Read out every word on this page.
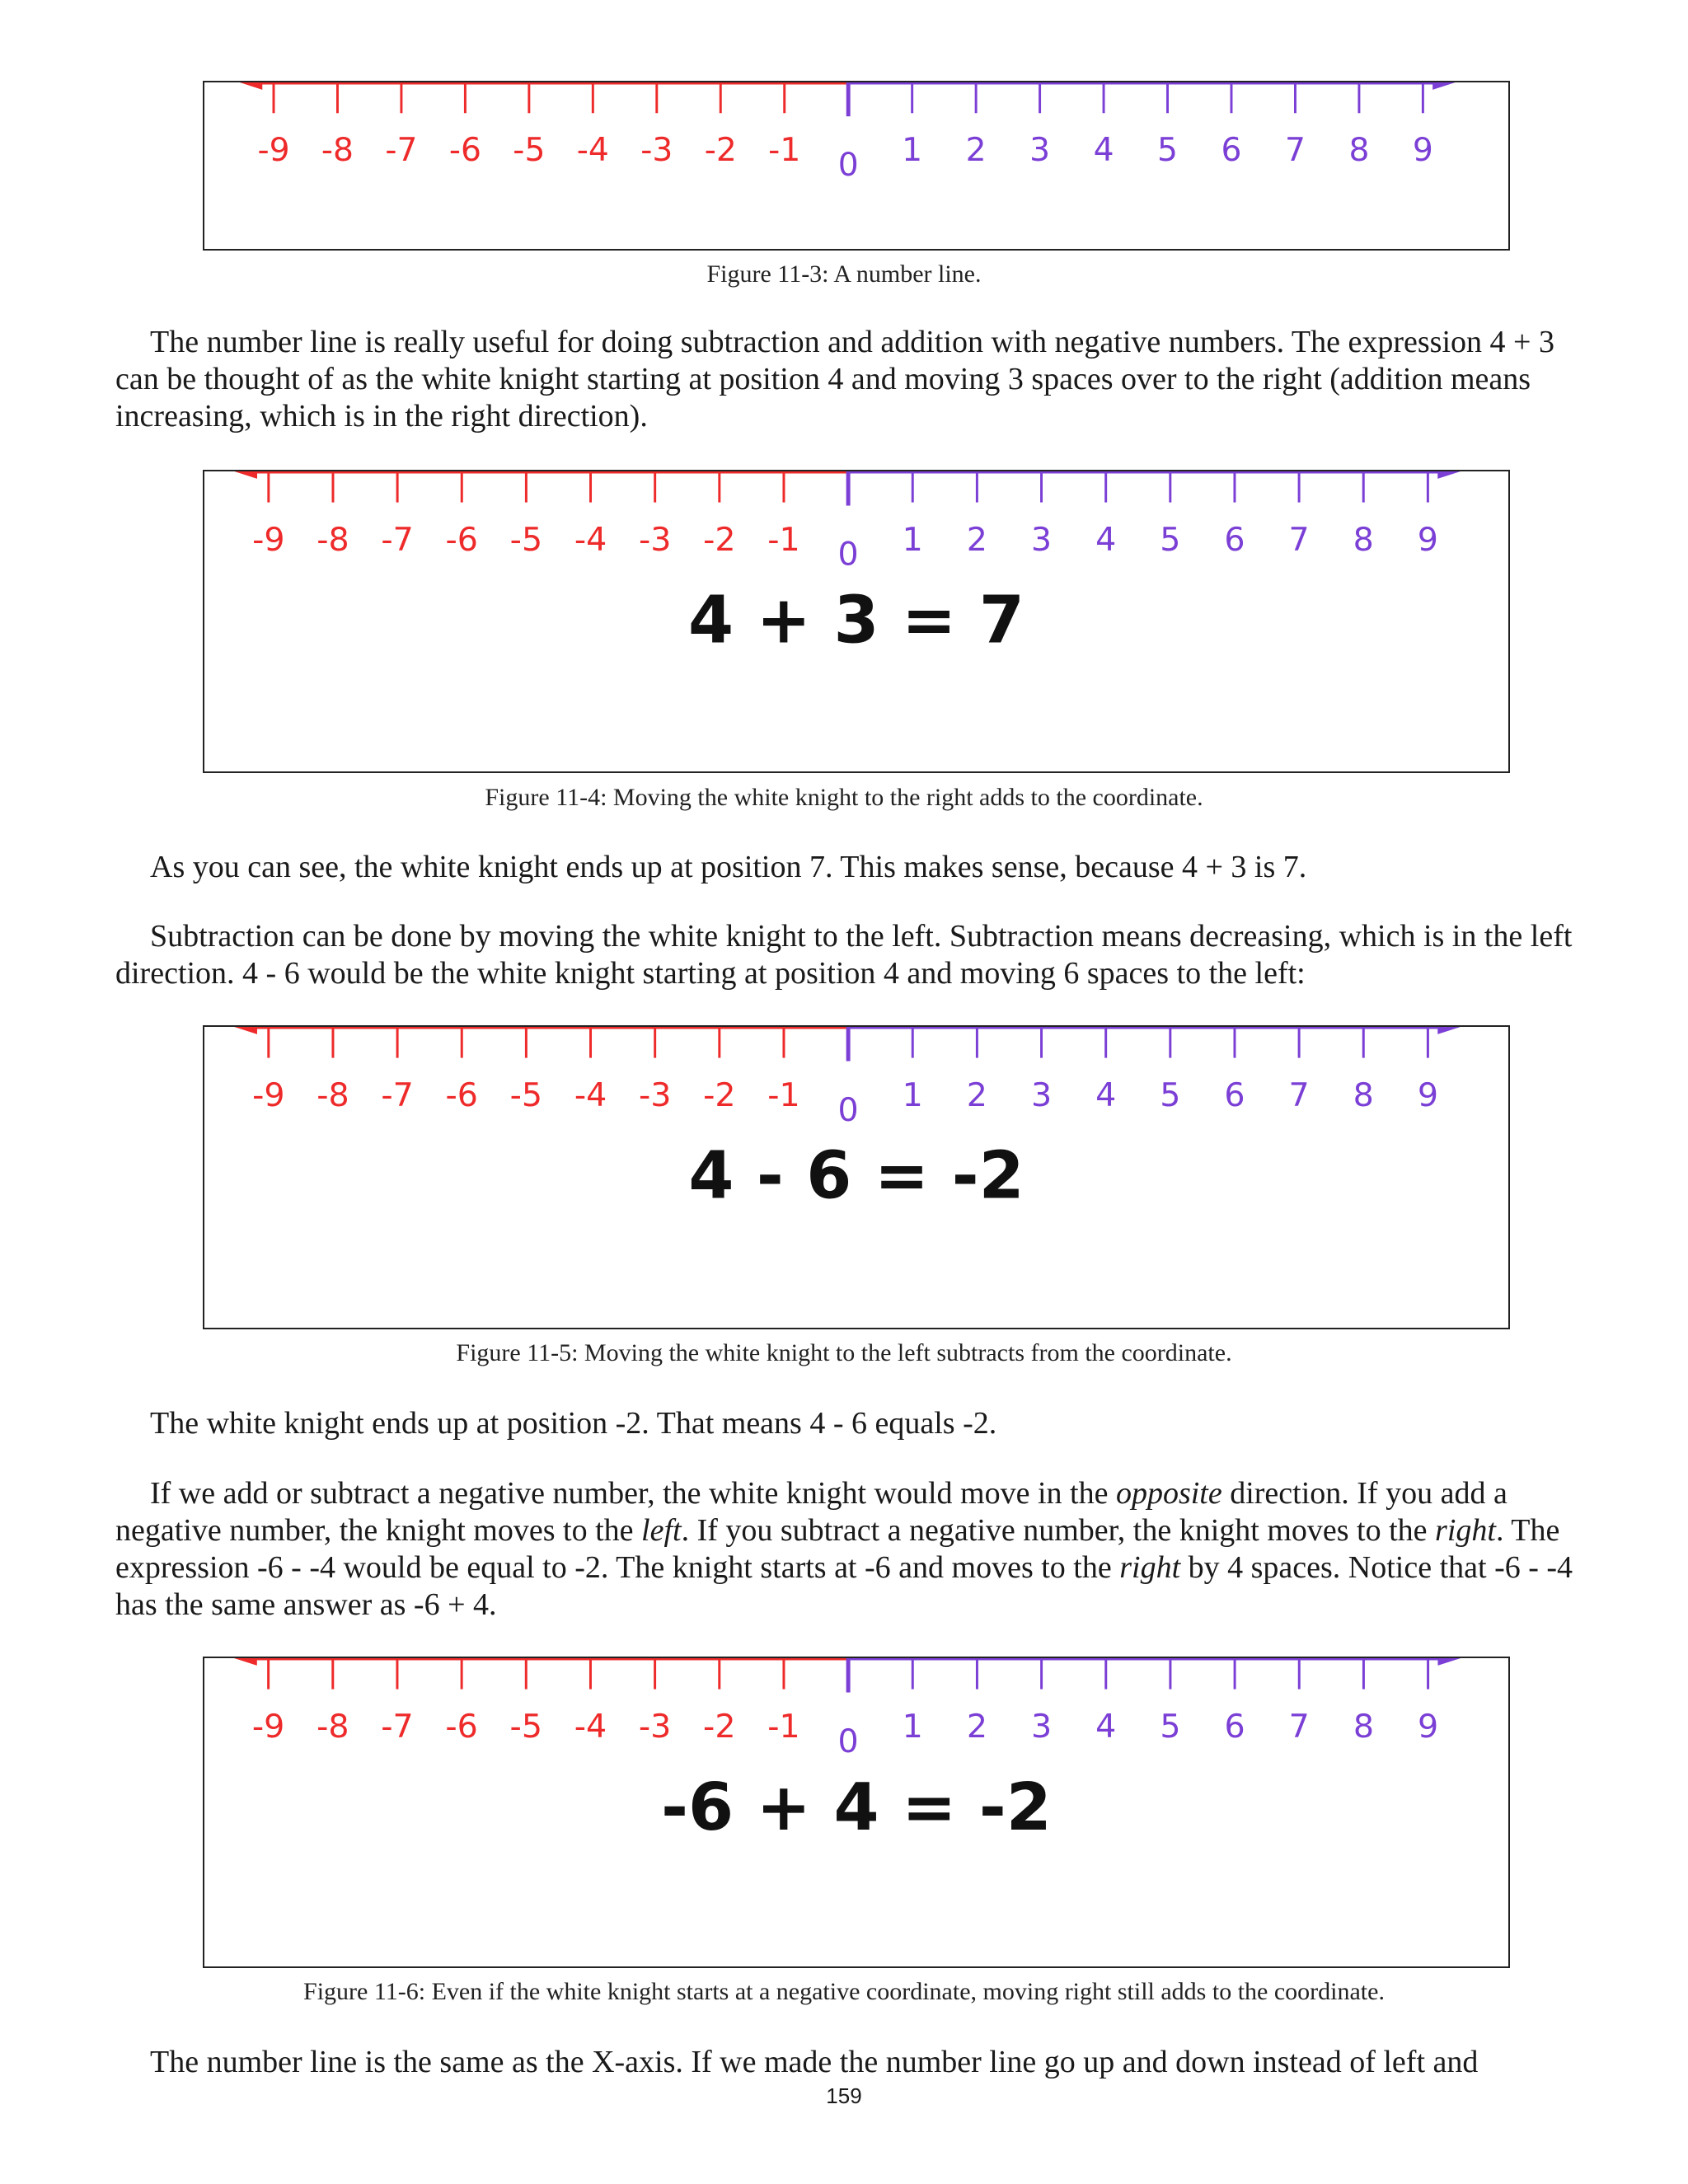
-9 -8 -7 -6 -5 -4 -3 -2 -1 0 1 2 3 4 5 6 7 8 9
Figure 11-3: A number line.

The number line is really useful for doing subtraction and addition with negative numbers. The expression 4 + 3 can be thought of as the white knight starting at position 4 and moving 3 spaces over to the right (addition means increasing, which is in the right direction).

-9 -8 -7 -6 -5 -4 -3 -2 -1 0 1 2 3 4 5 6 7 8 9
4 + 3 = 7
Figure 11-4: Moving the white knight to the right adds to the coordinate.

As you can see, the white knight ends up at position 7. This makes sense, because 4 + 3 is 7.

Subtraction can be done by moving the white knight to the left. Subtraction means decreasing, which is in the left direction. 4 - 6 would be the white knight starting at position 4 and moving 6 spaces to the left:

-9 -8 -7 -6 -5 -4 -3 -2 -1 0 1 2 3 4 5 6 7 8 9
4 - 6 = -2
Figure 11-5: Moving the white knight to the left subtracts from the coordinate.

The white knight ends up at position -2. That means 4 - 6 equals -2.

If we add or subtract a negative number, the white knight would move in the opposite direction. If you add a negative number, the knight moves to the left. If you subtract a negative number, the knight moves to the right. The expression -6 - -4 would be equal to -2. The knight starts at -6 and moves to the right by 4 spaces. Notice that -6 - -4 has the same answer as -6 + 4.

-9 -8 -7 -6 -5 -4 -3 -2 -1 0 1 2 3 4 5 6 7 8 9
-6 + 4 = -2
Figure 11-6: Even if the white knight starts at a negative coordinate, moving right still adds to the coordinate.

The number line is the same as the X-axis. If we made the number line go up and down instead of left and

159
